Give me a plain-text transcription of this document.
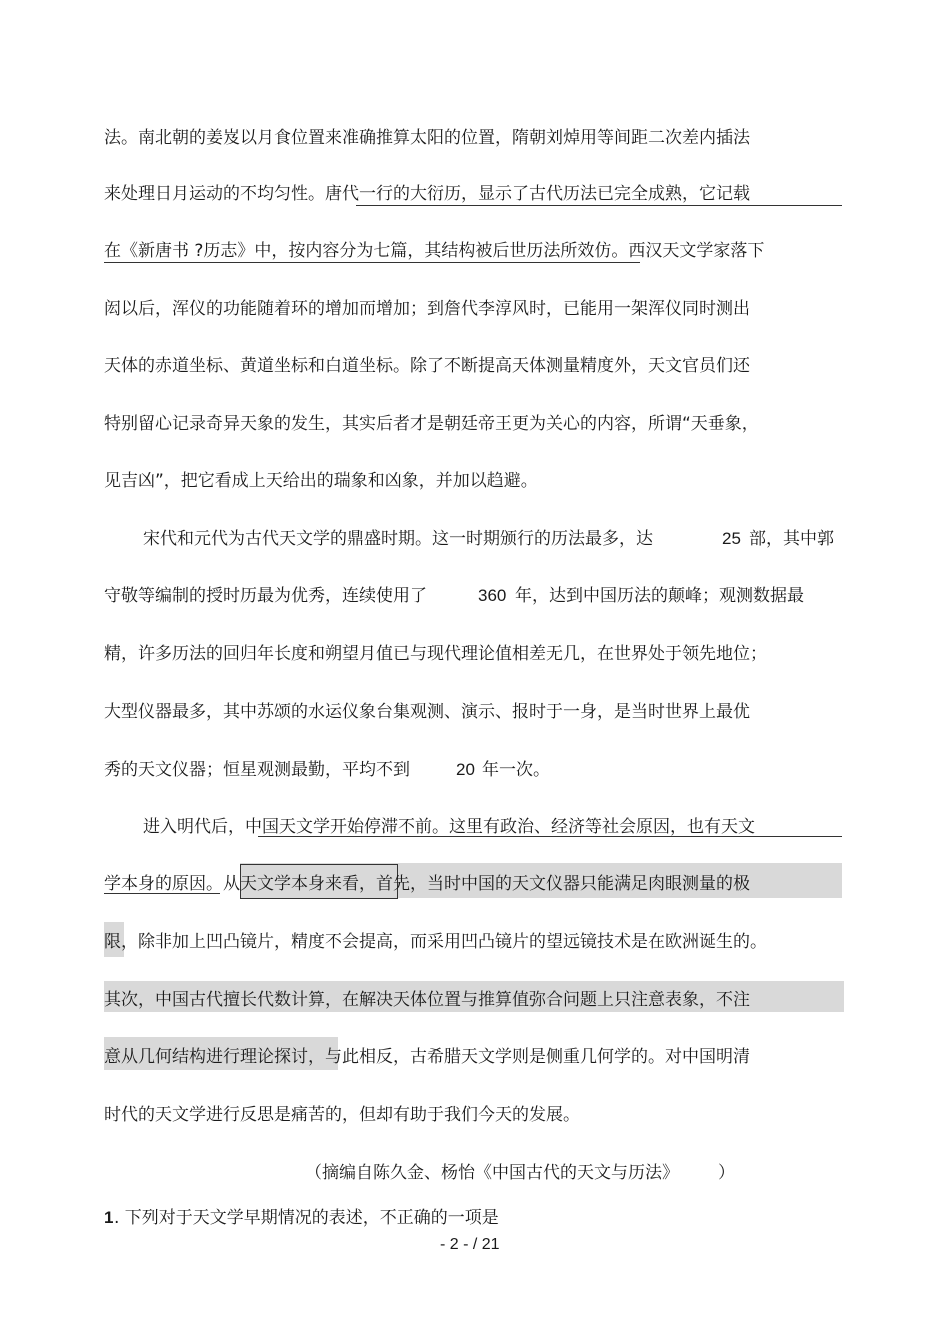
法。南北朝的姜岌以月食位置来准确推算太阳的位置，隋朝刘焯用等间距二次差内插法
来处理日月运动的不均匀性。唐代一行的大衍历，显示了古代历法已完全成熟，它记载
在《新唐书 ?历志》中，按内容分为七篇，其结构被后世历法所效仿。西汉天文学家落下
闳以后，浑仪的功能随着环的增加而增加；到詹代李淳风时，已能用一架浑仪同时测出
天体的赤道坐标、黄道坐标和白道坐标。除了不断提高天体测量精度外，天文官员们还
特别留心记录奇异天象的发生，其实后者才是朝廷帝王更为关心的内容，所谓“天垂象，
见吉凶”，把它看成上天给出的瑞象和凶象，并加以趋避。
宋代和元代为古代天文学的鼎盛时期。这一时期颁行的历法最多，达	25 部，其中郭
守敬等编制的授时历最为优秀，连续使用了	360 年，达到中国历法的颠峰；观测数据最
精，许多历法的回归年长度和朔望月值已与现代理论值相差无几，在世界处于领先地位；
大型仪器最多，其中苏颂的水运仪象台集观测、演示、报时于一身，是当时世界上最优
秀的天文仪器；恒星观测最勤，平均不到	20 年一次。
进入明代后，中国天文学开始停滞不前。这里有政治、经济等社会原因，也有天文
学本身的原因。从天文学本身来看，首先，当时中国的天文仪器只能满足肉眼测量的极
限，除非加上凹凸镜片，精度不会提高，而采用凹凸镜片的望远镜技术是在欧洲诞生的。
其次，中国古代擅长代数计算，在解决天体位置与推算值弥合问题上只注意表象，不注
意从几何结构进行理论探讨，与此相反，古希腊天文学则是侧重几何学的。对中国明清
时代的天文学进行反思是痛苦的，但却有助于我们今天的发展。
（摘编自陈久金、杨怡《中国古代的天文与历法》 ）
1 . 下列对于天文学早期情况的表述，不正确的一项是
- 2 - / 21
